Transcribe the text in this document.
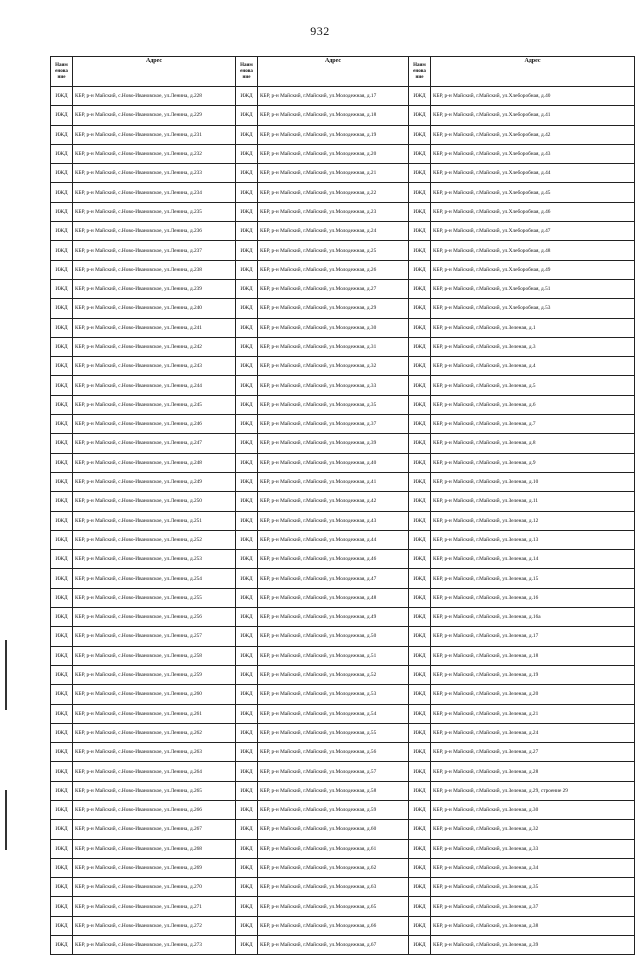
932
Наим енова ние	Адрес	Наим енова ние	Адрес	Наим енова ние	Адрес
ИЖД	КБР, р-н Майский, с.Ново-Ивановское, ул.Ленина, д.228	ИЖД	КБР, р-н Майский, г.Майский, ул.Молодежная, д.17	ИЖД	КБР, р-н Майский, г.Майский, ул.Хлеборобная, д.40
ИЖД	КБР, р-н Майский, с.Ново-Ивановское, ул.Ленина, д.229	ИЖД	КБР, р-н Майский, г.Майский, ул.Молодежная, д.18	ИЖД	КБР, р-н Майский, г.Майский, ул.Хлеборобная, д.41
ИЖД	КБР, р-н Майский, с.Ново-Ивановское, ул.Ленина, д.231	ИЖД	КБР, р-н Майский, г.Майский, ул.Молодежная, д.19	ИЖД	КБР, р-н Майский, г.Майский, ул.Хлеборобная, д.42
ИЖД	КБР, р-н Майский, с.Ново-Ивановское, ул.Ленина, д.232	ИЖД	КБР, р-н Майский, г.Майский, ул.Молодежная, д.20	ИЖД	КБР, р-н Майский, г.Майский, ул.Хлеборобная, д.43
ИЖД	КБР, р-н Майский, с.Ново-Ивановское, ул.Ленина, д.233	ИЖД	КБР, р-н Майский, г.Майский, ул.Молодежная, д.21	ИЖД	КБР, р-н Майский, г.Майский, ул.Хлеборобная, д.44
ИЖД	КБР, р-н Майский, с.Ново-Ивановское, ул.Ленина, д.234	ИЖД	КБР, р-н Майский, г.Майский, ул.Молодежная, д.22	ИЖД	КБР, р-н Майский, г.Майский, ул.Хлеборобная, д.45
ИЖД	КБР, р-н Майский, с.Ново-Ивановское, ул.Ленина, д.235	ИЖД	КБР, р-н Майский, г.Майский, ул.Молодежная, д.23	ИЖД	КБР, р-н Майский, г.Майский, ул.Хлеборобная, д.46
ИЖД	КБР, р-н Майский, с.Ново-Ивановское, ул.Ленина, д.236	ИЖД	КБР, р-н Майский, г.Майский, ул.Молодежная, д.24	ИЖД	КБР, р-н Майский, г.Майский, ул.Хлеборобная, д.47
ИЖД	КБР, р-н Майский, с.Ново-Ивановское, ул.Ленина, д.237	ИЖД	КБР, р-н Майский, г.Майский, ул.Молодежная, д.25	ИЖД	КБР, р-н Майский, г.Майский, ул.Хлеборобная, д.48
ИЖД	КБР, р-н Майский, с.Ново-Ивановское, ул.Ленина, д.238	ИЖД	КБР, р-н Майский, г.Майский, ул.Молодежная, д.26	ИЖД	КБР, р-н Майский, г.Майский, ул.Хлеборобная, д.49
ИЖД	КБР, р-н Майский, с.Ново-Ивановское, ул.Ленина, д.239	ИЖД	КБР, р-н Майский, г.Майский, ул.Молодежная, д.27	ИЖД	КБР, р-н Майский, г.Майский, ул.Хлеборобная, д.51
ИЖД	КБР, р-н Майский, с.Ново-Ивановское, ул.Ленина, д.240	ИЖД	КБР, р-н Майский, г.Майский, ул.Молодежная, д.29	ИЖД	КБР, р-н Майский, г.Майский, ул.Хлеборобная, д.53
ИЖД	КБР, р-н Майский, с.Ново-Ивановское, ул.Ленина, д.241	ИЖД	КБР, р-н Майский, г.Майский, ул.Молодежная, д.30	ИЖД	КБР, р-н Майский, г.Майский, ул.Зеленая, д.1
ИЖД	КБР, р-н Майский, с.Ново-Ивановское, ул.Ленина, д.242	ИЖД	КБР, р-н Майский, г.Майский, ул.Молодежная, д.31	ИЖД	КБР, р-н Майский, г.Майский, ул.Зеленая, д.3
ИЖД	КБР, р-н Майский, с.Ново-Ивановское, ул.Ленина, д.243	ИЖД	КБР, р-н Майский, г.Майский, ул.Молодежная, д.32	ИЖД	КБР, р-н Майский, г.Майский, ул.Зеленая, д.4
ИЖД	КБР, р-н Майский, с.Ново-Ивановское, ул.Ленина, д.244	ИЖД	КБР, р-н Майский, г.Майский, ул.Молодежная, д.33	ИЖД	КБР, р-н Майский, г.Майский, ул.Зеленая, д.5
ИЖД	КБР, р-н Майский, с.Ново-Ивановское, ул.Ленина, д.245	ИЖД	КБР, р-н Майский, г.Майский, ул.Молодежная, д.35	ИЖД	КБР, р-н Майский, г.Майский, ул.Зеленая, д.6
ИЖД	КБР, р-н Майский, с.Ново-Ивановское, ул.Ленина, д.246	ИЖД	КБР, р-н Майский, г.Майский, ул.Молодежная, д.37	ИЖД	КБР, р-н Майский, г.Майский, ул.Зеленая, д.7
ИЖД	КБР, р-н Майский, с.Ново-Ивановское, ул.Ленина, д.247	ИЖД	КБР, р-н Майский, г.Майский, ул.Молодежная, д.39	ИЖД	КБР, р-н Майский, г.Майский, ул.Зеленая, д.8
ИЖД	КБР, р-н Майский, с.Ново-Ивановское, ул.Ленина, д.248	ИЖД	КБР, р-н Майский, г.Майский, ул.Молодежная, д.40	ИЖД	КБР, р-н Майский, г.Майский, ул.Зеленая, д.9
ИЖД	КБР, р-н Майский, с.Ново-Ивановское, ул.Ленина, д.249	ИЖД	КБР, р-н Майский, г.Майский, ул.Молодежная, д.41	ИЖД	КБР, р-н Майский, г.Майский, ул.Зеленая, д.10
ИЖД	КБР, р-н Майский, с.Ново-Ивановское, ул.Ленина, д.250	ИЖД	КБР, р-н Майский, г.Майский, ул.Молодежная, д.42	ИЖД	КБР, р-н Майский, г.Майский, ул.Зеленая, д.11
ИЖД	КБР, р-н Майский, с.Ново-Ивановское, ул.Ленина, д.251	ИЖД	КБР, р-н Майский, г.Майский, ул.Молодежная, д.43	ИЖД	КБР, р-н Майский, г.Майский, ул.Зеленая, д.12
ИЖД	КБР, р-н Майский, с.Ново-Ивановское, ул.Ленина, д.252	ИЖД	КБР, р-н Майский, г.Майский, ул.Молодежная, д.44	ИЖД	КБР, р-н Майский, г.Майский, ул.Зеленая, д.13
ИЖД	КБР, р-н Майский, с.Ново-Ивановское, ул.Ленина, д.253	ИЖД	КБР, р-н Майский, г.Майский, ул.Молодежная, д.46	ИЖД	КБР, р-н Майский, г.Майский, ул.Зеленая, д.14
ИЖД	КБР, р-н Майский, с.Ново-Ивановское, ул.Ленина, д.254	ИЖД	КБР, р-н Майский, г.Майский, ул.Молодежная, д.47	ИЖД	КБР, р-н Майский, г.Майский, ул.Зеленая, д.15
ИЖД	КБР, р-н Майский, с.Ново-Ивановское, ул.Ленина, д.255	ИЖД	КБР, р-н Майский, г.Майский, ул.Молодежная, д.48	ИЖД	КБР, р-н Майский, г.Майский, ул.Зеленая, д.16
ИЖД	КБР, р-н Майский, с.Ново-Ивановское, ул.Ленина, д.256	ИЖД	КБР, р-н Майский, г.Майский, ул.Молодежная, д.49	ИЖД	КБР, р-н Майский, г.Майский, ул.Зеленая, д.16а
ИЖД	КБР, р-н Майский, с.Ново-Ивановское, ул.Ленина, д.257	ИЖД	КБР, р-н Майский, г.Майский, ул.Молодежная, д.50	ИЖД	КБР, р-н Майский, г.Майский, ул.Зеленая, д.17
ИЖД	КБР, р-н Майский, с.Ново-Ивановское, ул.Ленина, д.258	ИЖД	КБР, р-н Майский, г.Майский, ул.Молодежная, д.51	ИЖД	КБР, р-н Майский, г.Майский, ул.Зеленая, д.18
ИЖД	КБР, р-н Майский, с.Ново-Ивановское, ул.Ленина, д.259	ИЖД	КБР, р-н Майский, г.Майский, ул.Молодежная, д.52	ИЖД	КБР, р-н Майский, г.Майский, ул.Зеленая, д.19
ИЖД	КБР, р-н Майский, с.Ново-Ивановское, ул.Ленина, д.260	ИЖД	КБР, р-н Майский, г.Майский, ул.Молодежная, д.53	ИЖД	КБР, р-н Майский, г.Майский, ул.Зеленая, д.20
ИЖД	КБР, р-н Майский, с.Ново-Ивановское, ул.Ленина, д.261	ИЖД	КБР, р-н Майский, г.Майский, ул.Молодежная, д.54	ИЖД	КБР, р-н Майский, г.Майский, ул.Зеленая, д.21
ИЖД	КБР, р-н Майский, с.Ново-Ивановское, ул.Ленина, д.262	ИЖД	КБР, р-н Майский, г.Майский, ул.Молодежная, д.55	ИЖД	КБР, р-н Майский, г.Майский, ул.Зеленая, д.24
ИЖД	КБР, р-н Майский, с.Ново-Ивановское, ул.Ленина, д.263	ИЖД	КБР, р-н Майский, г.Майский, ул.Молодежная, д.56	ИЖД	КБР, р-н Майский, г.Майский, ул.Зеленая, д.27
ИЖД	КБР, р-н Майский, с.Ново-Ивановское, ул.Ленина, д.264	ИЖД	КБР, р-н Майский, г.Майский, ул.Молодежная, д.57	ИЖД	КБР, р-н Майский, г.Майский, ул.Зеленая, д.28
ИЖД	КБР, р-н Майский, с.Ново-Ивановское, ул.Ленина, д.265	ИЖД	КБР, р-н Майский, г.Майский, ул.Молодежная, д.58	ИЖД	КБР, р-н Майский, г.Майский, ул.Зеленая, д.29, строение 29
ИЖД	КБР, р-н Майский, с.Ново-Ивановское, ул.Ленина, д.266	ИЖД	КБР, р-н Майский, г.Майский, ул.Молодежная, д.59	ИЖД	КБР, р-н Майский, г.Майский, ул.Зеленая, д.30
ИЖД	КБР, р-н Майский, с.Ново-Ивановское, ул.Ленина, д.267	ИЖД	КБР, р-н Майский, г.Майский, ул.Молодежная, д.60	ИЖД	КБР, р-н Майский, г.Майский, ул.Зеленая, д.32
ИЖД	КБР, р-н Майский, с.Ново-Ивановское, ул.Ленина, д.268	ИЖД	КБР, р-н Майский, г.Майский, ул.Молодежная, д.61	ИЖД	КБР, р-н Майский, г.Майский, ул.Зеленая, д.33
ИЖД	КБР, р-н Майский, с.Ново-Ивановское, ул.Ленина, д.269	ИЖД	КБР, р-н Майский, г.Майский, ул.Молодежная, д.62	ИЖД	КБР, р-н Майский, г.Майский, ул.Зеленая, д.34
ИЖД	КБР, р-н Майский, с.Ново-Ивановское, ул.Ленина, д.270	ИЖД	КБР, р-н Майский, г.Майский, ул.Молодежная, д.63	ИЖД	КБР, р-н Майский, г.Майский, ул.Зеленая, д.35
ИЖД	КБР, р-н Майский, с.Ново-Ивановское, ул.Ленина, д.271	ИЖД	КБР, р-н Майский, г.Майский, ул.Молодежная, д.65	ИЖД	КБР, р-н Майский, г.Майский, ул.Зеленая, д.37
ИЖД	КБР, р-н Майский, с.Ново-Ивановское, ул.Ленина, д.272	ИЖД	КБР, р-н Майский, г.Майский, ул.Молодежная, д.66	ИЖД	КБР, р-н Майский, г.Майский, ул.Зеленая, д.38
ИЖД	КБР, р-н Майский, с.Ново-Ивановское, ул.Ленина, д.273	ИЖД	КБР, р-н Майский, г.Майский, ул.Молодежная, д.67	ИЖД	КБР, р-н Майский, г.Майский, ул.Зеленая, д.39
